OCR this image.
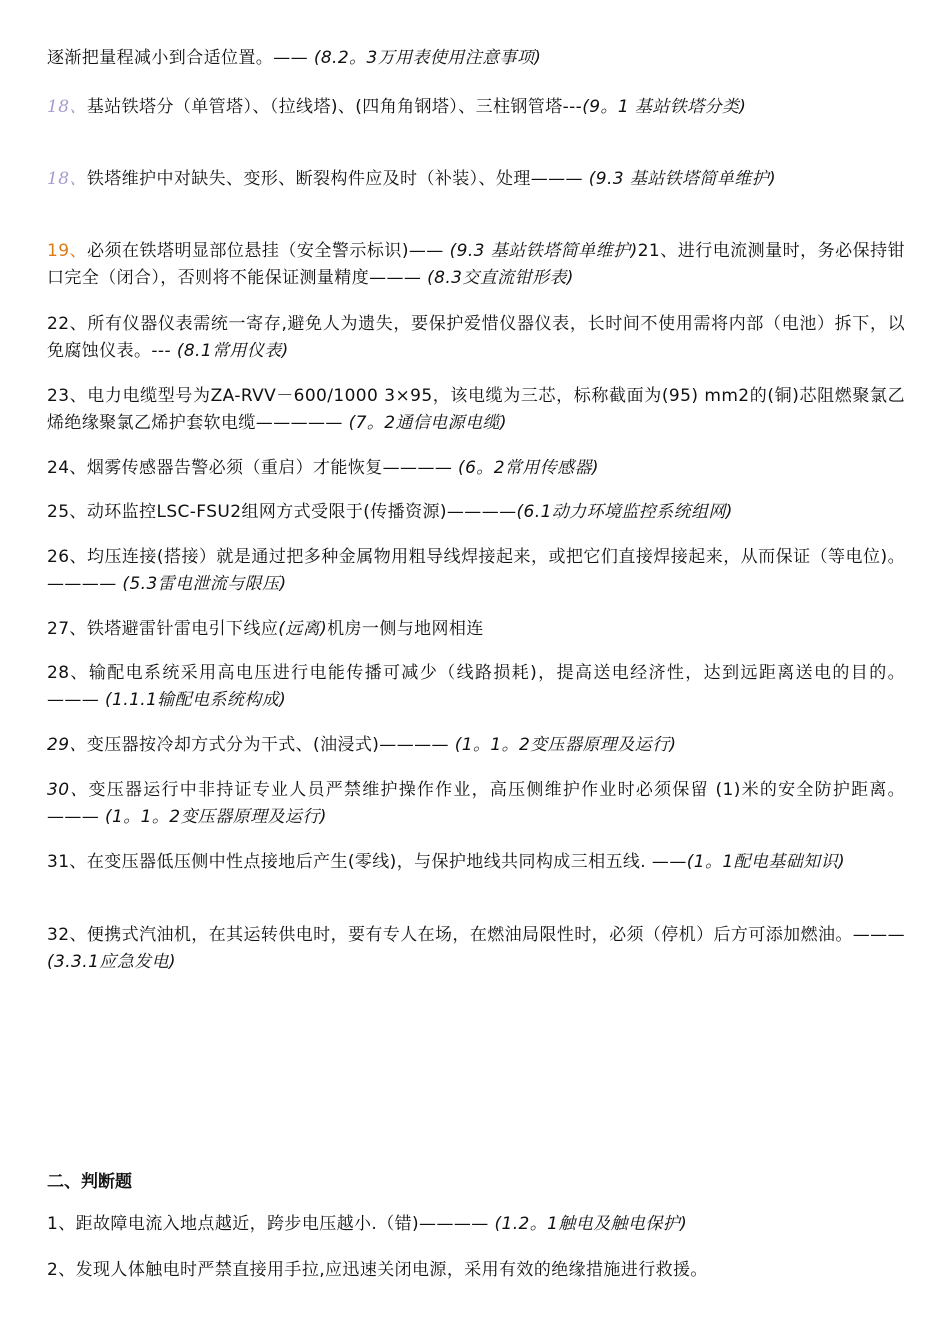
逐渐把量程减小到合适位置。—— (8.2。3万用表使用注意事项)
18、基站铁塔分（单管塔）、（拉线塔)、(四角角钢塔）、三柱钢管塔---(9。1 基站铁塔分类)
18、铁塔维护中对缺失、变形、断裂构件应及时（补装）、处理——— (9.3 基站铁塔简单维护)
19、必须在铁塔明显部位悬挂（安全警示标识)—— (9.3 基站铁塔简单维护)21、进行电流测量时，务必保持钳口完全（闭合），否则将不能保证测量精度——— (8.3交直流钳形表)
22、所有仪器仪表需统一寄存,避免人为遗失，要保护爱惜仪器仪表，长时间不使用需将内部（电池）拆下，以免腐蚀仪表。--- (8.1常用仪表)
23、电力电缆型号为ZA-RVV－600/1000 3×95，该电缆为三芯，标称截面为(95) mm2的(铜)芯阻燃聚氯乙烯绝缘聚氯乙烯护套软电缆————— (7。2通信电源电缆)
24、烟雾传感器告警必须（重启）才能恢复———— (6。2常用传感器)
25、动环监控LSC-FSU2组网方式受限于(传播资源)————(6.1动力环境监控系统组网)
26、均压连接(搭接）就是通过把多种金属物用粗导线焊接起来，或把它们直接焊接起来，从而保证（等电位)。———— (5.3雷电泄流与限压)
27、铁塔避雷针雷电引下线应(远离)机房一侧与地网相连
28、输配电系统采用高电压进行电能传播可减少（线路损耗)，提高送电经济性，达到远距离送电的目的。——— (1.1.1输配电系统构成)
29、变压器按冷却方式分为干式、(油浸式)———— (1。1。2变压器原理及运行)
30、变压器运行中非持证专业人员严禁维护操作作业，高压侧维护作业时必须保留 (1)米的安全防护距离。——— (1。1。2变压器原理及运行)
31、在变压器低压侧中性点接地后产生(零线)，与保护地线共同构成三相五线. ——(1。1配电基础知识)
32、便携式汽油机，在其运转供电时，要有专人在场，在燃油局限性时，必须（停机）后方可添加燃油。——— (3.3.1应急发电)
二、判断题
1、距故障电流入地点越近，跨步电压越小.（错)———— (1.2。1触电及触电保护)
2、发现人体触电时严禁直接用手拉,应迅速关闭电源，采用有效的绝缘措施进行救援。
